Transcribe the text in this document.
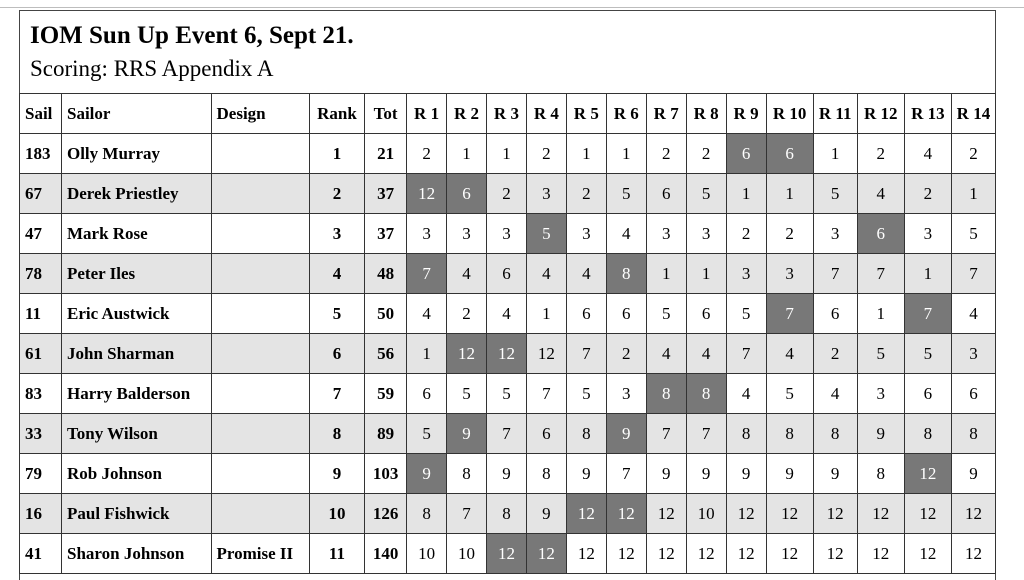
IOM Sun Up Event 6, Sept 21.
Scoring: RRS Appendix A
Sail	Sailor	Design	Rank	Tot	R 1	R 2	R 3	R 4	R 5	R 6	R 7	R 8	R 9	R 10	R 11	R 12	R 13	R 14
183	Olly Murray		1	21	2	1	1	2	1	1	2	2	6	6	1	2	4	2
67	Derek Priestley		2	37	12	6	2	3	2	5	6	5	1	1	5	4	2	1
47	Mark Rose		3	37	3	3	3	5	3	4	3	3	2	2	3	6	3	5
78	Peter Iles		4	48	7	4	6	4	4	8	1	1	3	3	7	7	1	7
11	Eric Austwick		5	50	4	2	4	1	6	6	5	6	5	7	6	1	7	4
61	John Sharman		6	56	1	12	12	12	7	2	4	4	7	4	2	5	5	3
83	Harry Balderson		7	59	6	5	5	7	5	3	8	8	4	5	4	3	6	6
33	Tony Wilson		8	89	5	9	7	6	8	9	7	7	8	8	8	9	8	8
79	Rob Johnson		9	103	9	8	9	8	9	7	9	9	9	9	9	8	12	9
16	Paul Fishwick		10	126	8	7	8	9	12	12	12	10	12	12	12	12	12	12
41	Sharon Johnson	Promise II	11	140	10	10	12	12	12	12	12	12	12	12	12	12	12	12
